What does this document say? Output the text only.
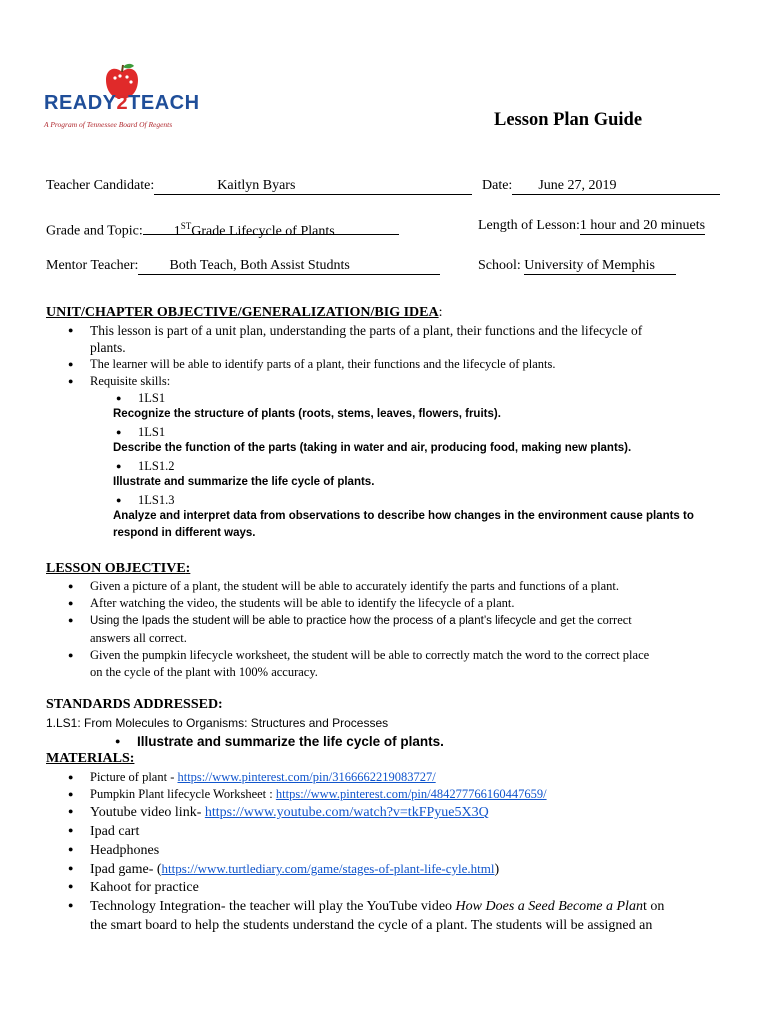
READY2TEACH
A Program of Tennessee Board Of Regents	Lesson Plan Guide
Teacher Candidate:	Kaitlyn Byars	Date: June 27, 2019
Grade and Topic: 1STGrade Lifecycle of Plants	Length of Lesson:1 hour and 20 minuets
Mentor Teacher: Both Teach, Both Assist Studnts	School: University of Memphis
UNIT/CHAPTER OBJECTIVE/GENERALIZATION/BIG IDEA:
● This lesson is part of a unit plan, understanding the parts of a plant, their functions and the lifecycle of
plants.
● The learner will be able to identify parts of a plant, their functions and the lifecycle of plants.
● Requisite skills:
● 1LS1
Recognize the structure of plants (roots, stems, leaves, flowers, fruits).
● 1LS1
Describe the function of the parts (taking in water and air, producing food, making new plants).
● 1LS1.2
Illustrate and summarize the life cycle of plants.
● 1LS1.3
Analyze and interpret data from observations to describe how changes in the environment cause plants to
respond in different ways.
LESSON OBJECTIVE:
● Given a picture of a plant, the student will be able to accurately identify the parts and functions of a plant.
● After watching the video, the students will be able to identify the lifecycle of a plant.
● Using the Ipads the student will be able to practice how the process of a plant’s lifecycle and get the correct
answers all correct.
● Given the pumpkin lifecycle worksheet, the student will be able to correctly match the word to the correct place
on the cycle of the plant with 100% accuracy.
STANDARDS ADDRESSED:
1.LS1: From Molecules to Organisms: Structures and Processes
● Illustrate and summarize the life cycle of plants.
MATERIALS:
● Picture of plant - https://www.pinterest.com/pin/316666221908372​7/
● Pumpkin Plant lifecycle Worksheet : https://www.pinterest.com/pin/484277766160447659/
● Youtube video link- https://www.youtube.com/watch?v=tkFPyue5X3Q
● Ipad cart
● Headphones
● Ipad game- (https://www.turtlediary.com/game/stages-of-plant-life-cyle.html)
● Kahoot for practice
● Technology Integration- the teacher will play the YouTube video How Does a Seed Become a Plant on
the smart board to help the students understand the cycle of a plant. The students will be assigned an
